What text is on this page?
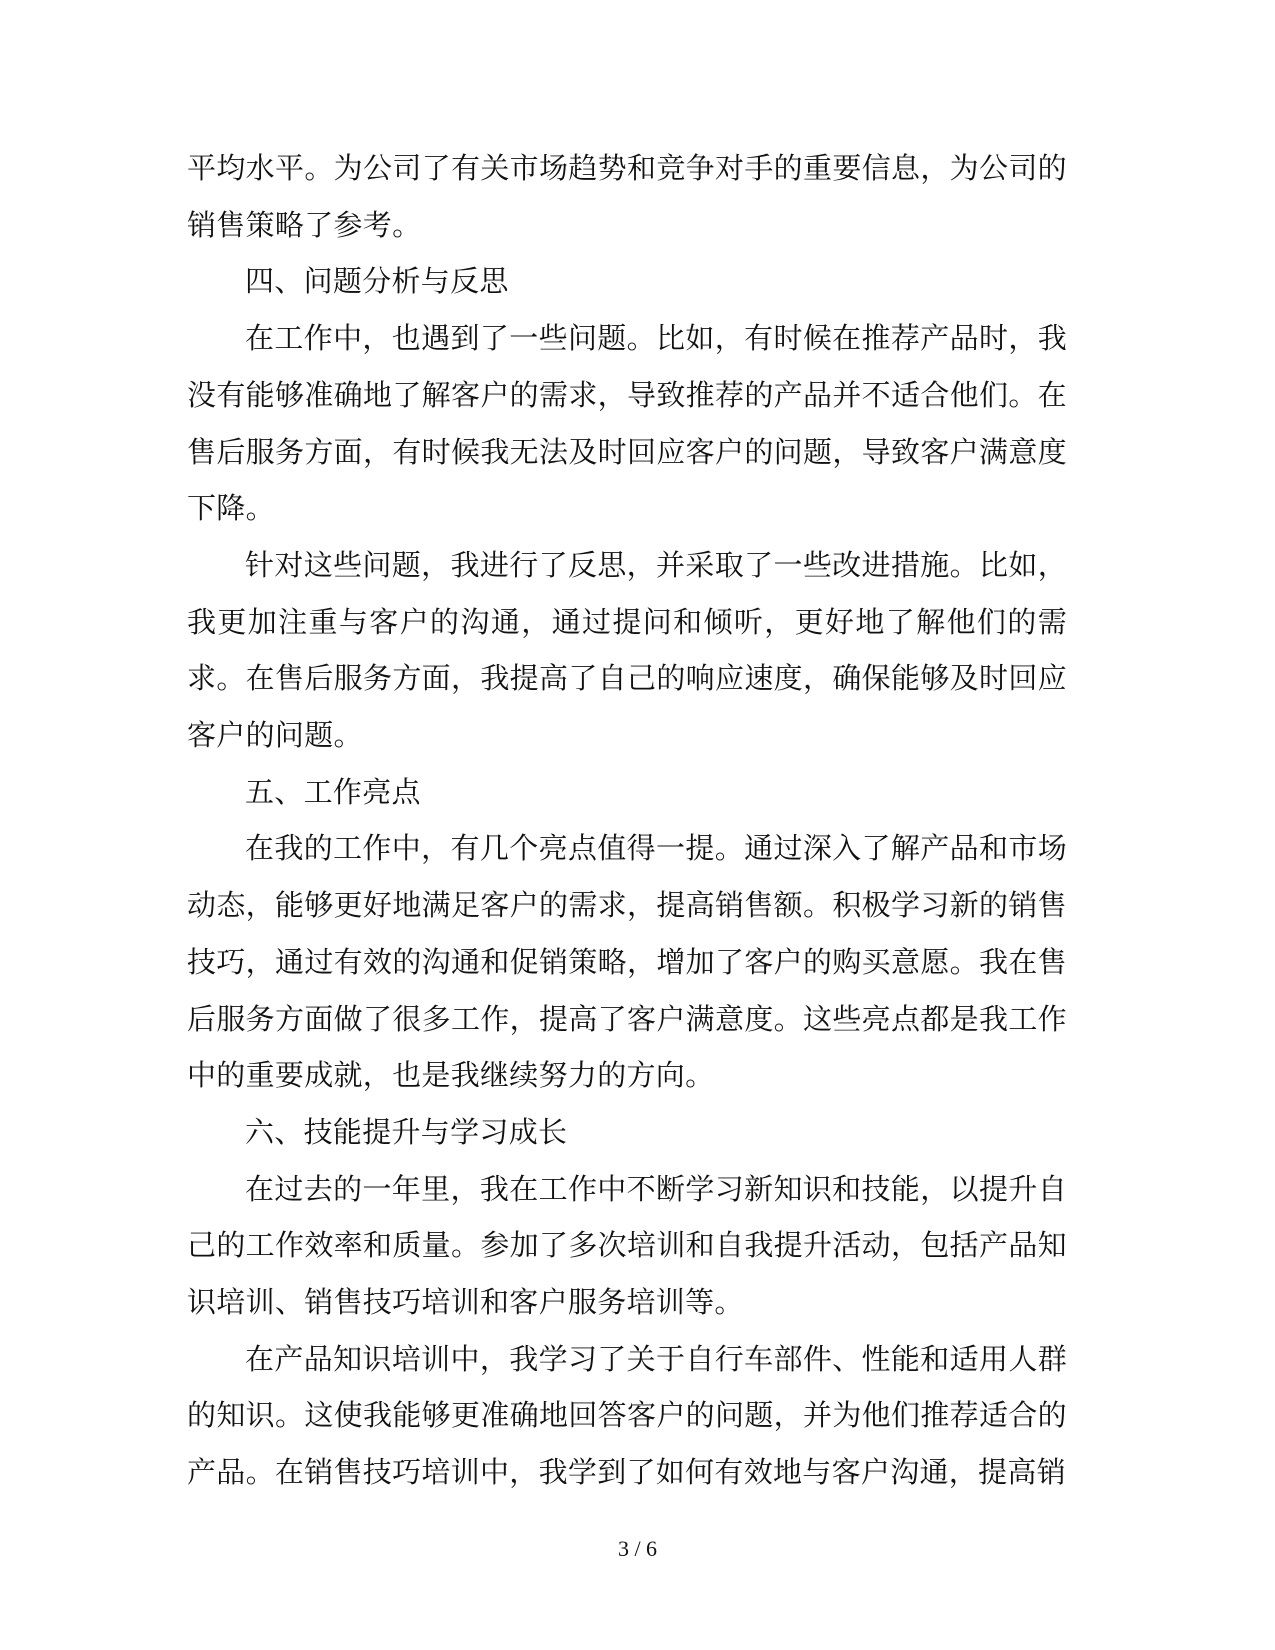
平均水平。为公司了有关市场趋势和竞争对手的重要信息，为公司的销售策略了参考。

四、问题分析与反思

在工作中，也遇到了一些问题。比如，有时候在推荐产品时，我没有能够准确地了解客户的需求，导致推荐的产品并不适合他们。在售后服务方面，有时候我无法及时回应客户的问题，导致客户满意度下降。

针对这些问题，我进行了反思，并采取了一些改进措施。比如，我更加注重与客户的沟通，通过提问和倾听，更好地了解他们的需求。在售后服务方面，我提高了自己的响应速度，确保能够及时回应客户的问题。

五、工作亮点

在我的工作中，有几个亮点值得一提。通过深入了解产品和市场动态，能够更好地满足客户的需求，提高销售额。积极学习新的销售技巧，通过有效的沟通和促销策略，增加了客户的购买意愿。我在售后服务方面做了很多工作，提高了客户满意度。这些亮点都是我工作中的重要成就，也是我继续努力的方向。

六、技能提升与学习成长

在过去的一年里，我在工作中不断学习新知识和技能，以提升自己的工作效率和质量。参加了多次培训和自我提升活动，包括产品知识培训、销售技巧培训和客户服务培训等。

在产品知识培训中，我学习了关于自行车部件、性能和适用人群的知识。这使我能够更准确地回答客户的问题，并为他们推荐适合的产品。在销售技巧培训中，我学到了如何有效地与客户沟通，提高销

3 / 6
